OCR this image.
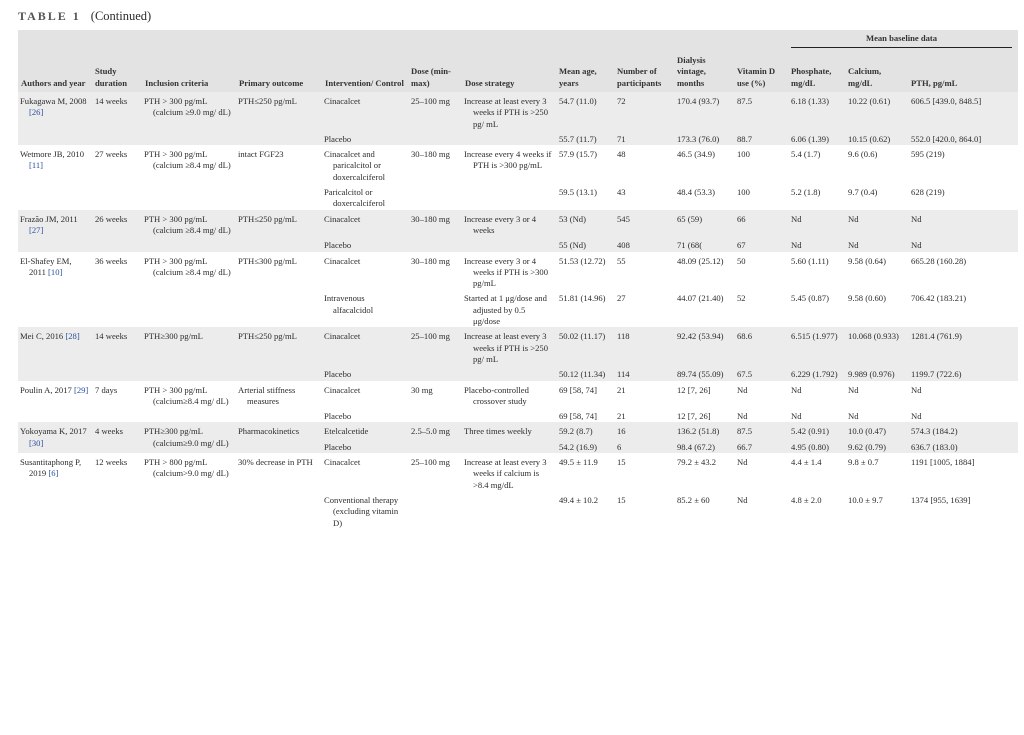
TABLE 1 (Continued)

											Mean baseline data		

Authors and year	Study duration	Inclusion criteria	Primary outcome	Intervention/ Control	Dose (min-max)	Dose strategy	Mean age, years	Number of participants	Dialysis vintage, months	Vitamin D use (%)	Phosphate, mg/dL	Calcium, mg/dL	PTH, pg/mL
Fukagawa M, 2008 [26]	14 weeks	PTH > 300 pg/mL (calcium ≥9.0 mg/ dL)	PTH≤250 pg/mL	Cinacalcet	25–100 mg	Increase at least every 3 weeks if PTH is >250 pg/ mL	54.7 (11.0)	72	170.4 (93.7)	87.5	6.18 (1.33)	10.22 (0.61)	606.5 [439.0, 848.5]
				Placebo			55.7 (11.7)	71	173.3 (76.0)	88.7	6.06 (1.39)	10.15 (0.62)	552.0 [420.0, 864.0]
Wetmore JB, 2010 [11]	27 weeks	PTH > 300 pg/mL (calcium ≥8.4 mg/ dL)	intact FGF23	Cinacalcet and paricalcitol or doxercalciferol	30–180 mg	Increase every 4 weeks if PTH is >300 pg/mL	57.9 (15.7)	48	46.5 (34.9)	100	5.4 (1.7)	9.6 (0.6)	595 (219)
				Paricalcitol or doxercalciferol			59.5 (13.1)	43	48.4 (53.3)	100	5.2 (1.8)	9.7 (0.4)	628 (219)
Frazão JM, 2011 [27]	26 weeks	PTH > 300 pg/mL (calcium ≥8.4 mg/ dL)	PTH≤250 pg/mL	Cinacalcet	30–180 mg	Increase every 3 or 4 weeks	53 (Nd)	545	65 (59)	66	Nd	Nd	Nd
				Placebo			55 (Nd)	408	71 (68(	67	Nd	Nd	Nd
El-Shafey EM, 2011 [10]	36 weeks	PTH > 300 pg/mL (calcium ≥8.4 mg/ dL)	PTH≤300 pg/mL	Cinacalcet	30–180 mg	Increase every 3 or 4 weeks if PTH is >300 pg/mL	51.53 (12.72)	55	48.09 (25.12)	50	5.60 (1.11)	9.58 (0.64)	665.28 (160.28)
				Intravenous alfacalcidol		Started at 1 μg/dose and adjusted by 0.5 μg/dose	51.81 (14.96)	27	44.07 (21.40)	52	5.45 (0.87)	9.58 (0.60)	706.42 (183.21)
Mei C, 2016 [28]	14 weeks	PTH≥300 pg/mL	PTH≤250 pg/mL	Cinacalcet	25–100 mg	Increase at least every 3 weeks if PTH is >250 pg/ mL	50.02 (11.17)	118	92.42 (53.94)	68.6	6.515 (1.977)	10.068 (0.933)	1281.4 (761.9)
				Placebo			50.12 (11.34)	114	89.74 (55.09)	67.5	6.229 (1.792)	9.989 (0.976)	1199.7 (722.6)
Poulin A, 2017 [29]	7 days	PTH > 300 pg/mL (calcium≥8.4 mg/ dL)	Arterial stiffness measures	Cinacalcet	30 mg	Placebo-controlled crossover study	69 [58, 74]	21	12 [7, 26]	Nd	Nd	Nd	Nd
				Placebo			69 [58, 74]	21	12 [7, 26]	Nd	Nd	Nd	Nd
Yokoyama K, 2017 [30]	4 weeks	PTH≥300 pg/mL (calcium≥9.0 mg/ dL)	Pharmacokinetics	Etelcalcetide	2.5–5.0 mg	Three times weekly	59.2 (8.7)	16	136.2 (51.8)	87.5	5.42 (0.91)	10.0 (0.47)	574.3 (184.2)
				Placebo			54.2 (16.9)	6	98.4 (67.2)	66.7	4.95 (0.80)	9.62 (0.79)	636.7 (183.0)
Susantitaphong P, 2019 [6]	12 weeks	PTH > 800 pg/mL (calcium>9.0 mg/ dL)	30% decrease in PTH	Cinacalcet	25–100 mg	Increase at least every 3 weeks if calcium is >8.4 mg/dL	49.5 ± 11.9	15	79.2 ± 43.2	Nd	4.4 ± 1.4	9.8 ± 0.7	1191 [1005, 1884]
				Conventional therapy (excluding vitamin D)			49.4 ± 10.2	15	85.2 ± 60	Nd	4.8 ± 2.0	10.0 ± 9.7	1374 [955, 1639]
